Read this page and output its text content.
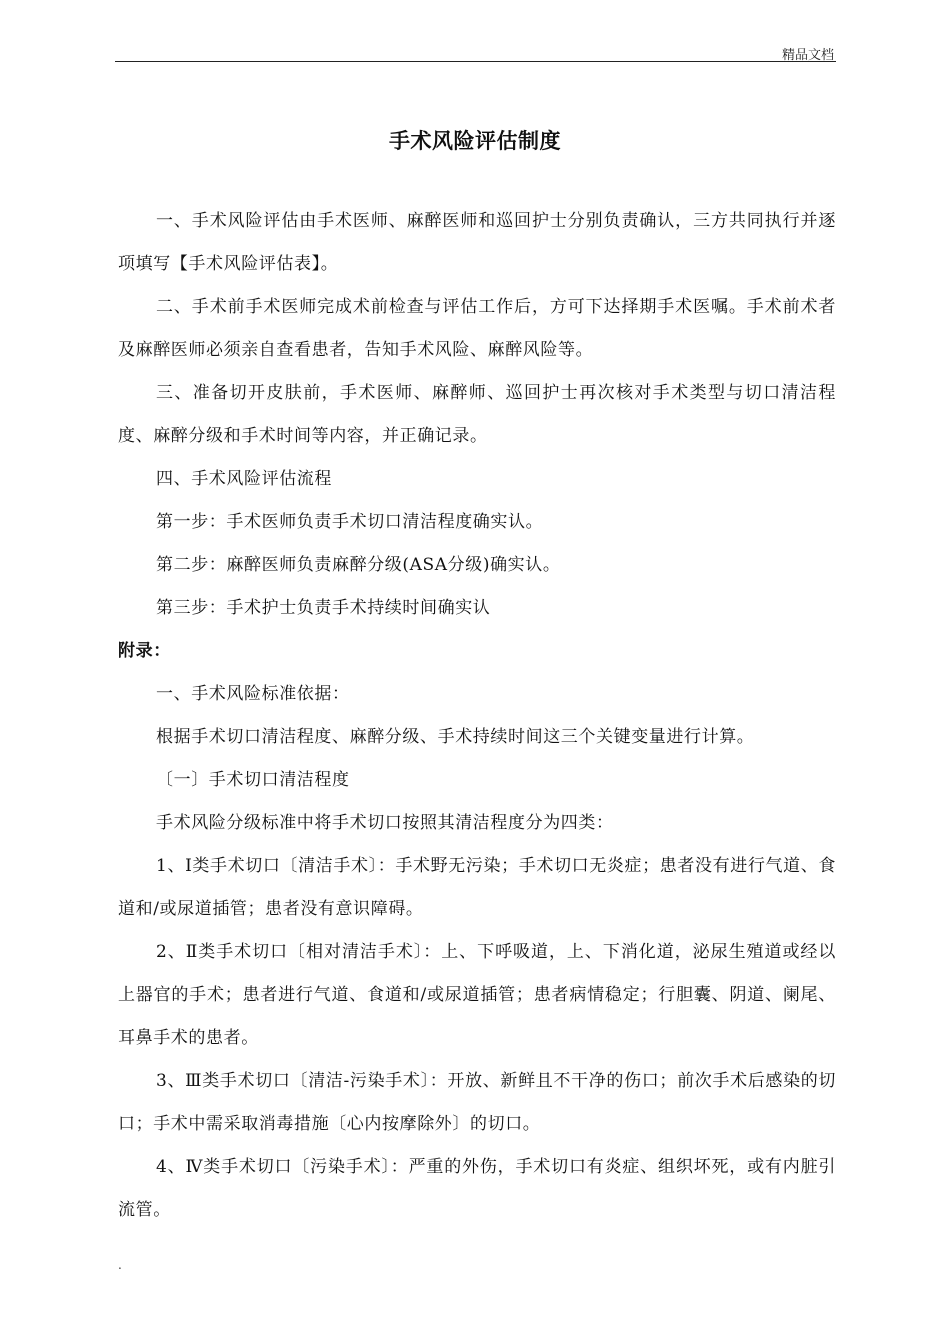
精品文档
手术风险评估制度

一、手术风险评估由手术医师、麻醉医师和巡回护士分别负责确认，三方共同执行并逐项填写【手术风险评估表】。

二、手术前手术医师完成术前检查与评估工作后，方可下达择期手术医嘱。手术前术者及麻醉医师必须亲自查看患者，告知手术风险、麻醉风险等。

三、准备切开皮肤前，手术医师、麻醉师、巡回护士再次核对手术类型与切口清洁程度、麻醉分级和手术时间等内容，并正确记录。

四、手术风险评估流程

第一步：手术医师负责手术切口清洁程度确实认。

第二步：麻醉医师负责麻醉分级(ASA分级)确实认。

第三步：手术护士负责手术持续时间确实认

附录：

一、手术风险标准依据：

根据手术切口清洁程度、麻醉分级、手术持续时间这三个关键变量进行计算。

〔一〕手术切口清洁程度

手术风险分级标准中将手术切口按照其清洁程度分为四类：

1、Ⅰ类手术切口〔清洁手术〕：手术野无污染；手术切口无炎症；患者没有进行气道、食道和/或尿道插管；患者没有意识障碍。

2、Ⅱ类手术切口〔相对清洁手术〕：上、下呼吸道，上、下消化道，泌尿生殖道或经以上器官的手术；患者进行气道、食道和/或尿道插管；患者病情稳定；行胆囊、阴道、阑尾、耳鼻手术的患者。

3、Ⅲ类手术切口〔清洁-污染手术〕：开放、新鲜且不干净的伤口；前次手术后感染的切口；手术中需采取消毒措施〔心内按摩除外〕的切口。

4、Ⅳ类手术切口〔污染手术〕：严重的外伤，手术切口有炎症、组织坏死，或有内脏引流管。

.
